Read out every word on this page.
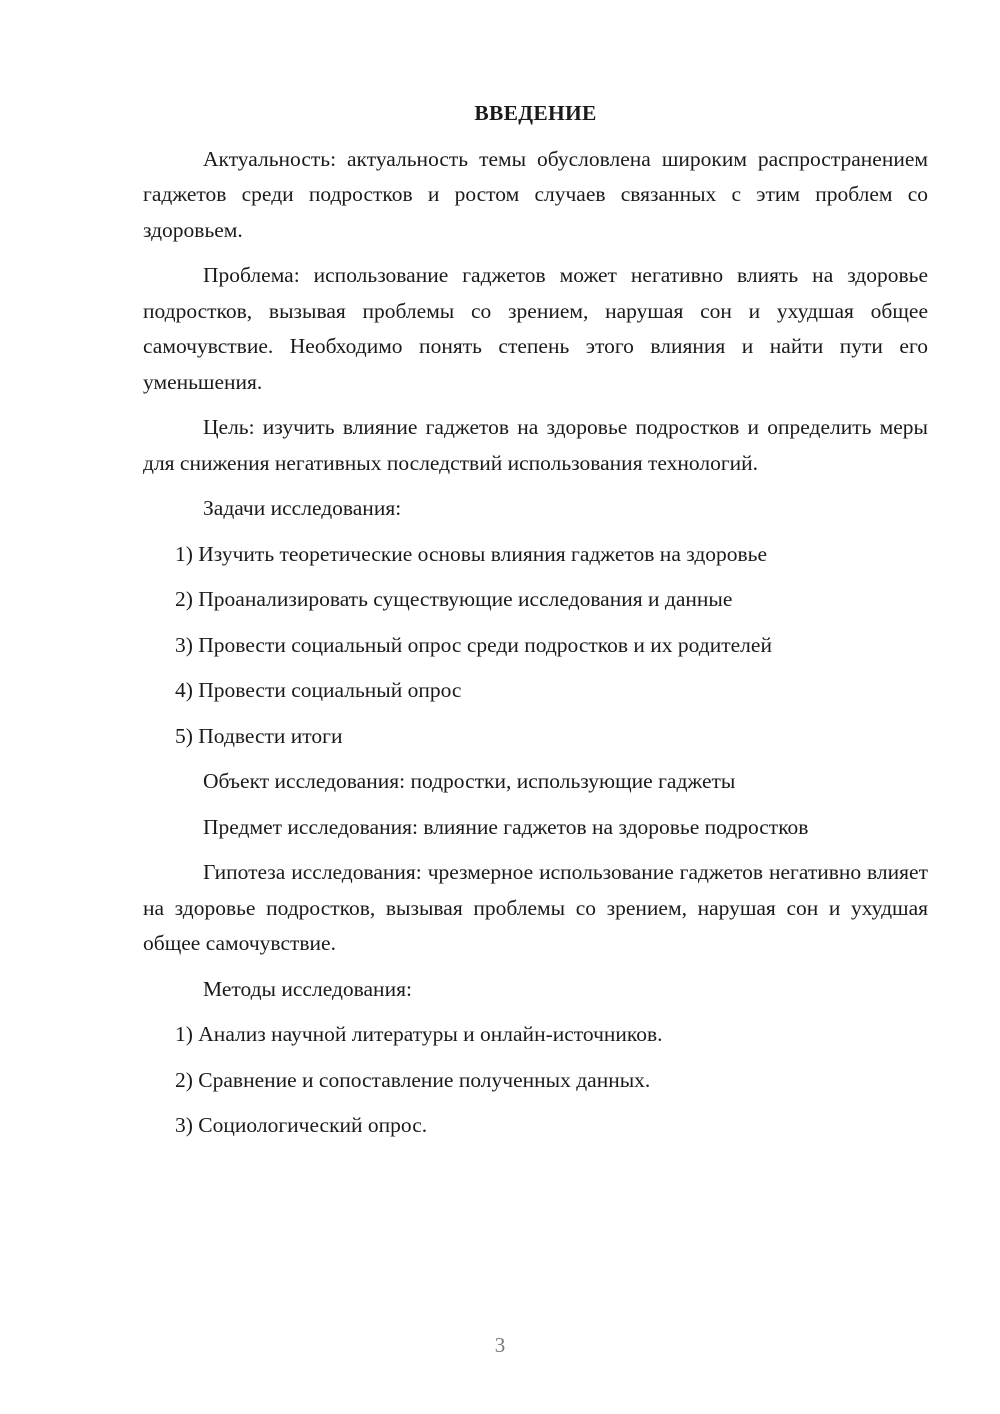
ВВЕДЕНИЕ
Актуальность: актуальность темы обусловлена широким распространением гаджетов среди подростков и ростом случаев связанных с этим проблем со здоровьем.
Проблема: использование гаджетов может негативно влиять на здоровье подростков, вызывая проблемы со зрением, нарушая сон и ухудшая общее самочувствие. Необходимо понять степень этого влияния и найти пути его уменьшения.
Цель: изучить влияние гаджетов на здоровье подростков и определить меры для снижения негативных последствий использования технологий.
Задачи исследования:
1) Изучить теоретические основы влияния гаджетов на здоровье
2) Проанализировать существующие исследования и данные
3) Провести социальный опрос среди подростков и их родителей
4) Провести социальный опрос
5) Подвести итоги
Объект исследования: подростки, использующие гаджеты
Предмет исследования: влияние гаджетов на здоровье подростков
Гипотеза исследования: чрезмерное использование гаджетов негативно влияет на здоровье подростков, вызывая проблемы со зрением, нарушая сон и ухудшая общее самочувствие.
Методы исследования:
1) Анализ научной литературы и онлайн-источников.
2) Сравнение и сопоставление полученных данных.
3) Социологический опрос.
3
